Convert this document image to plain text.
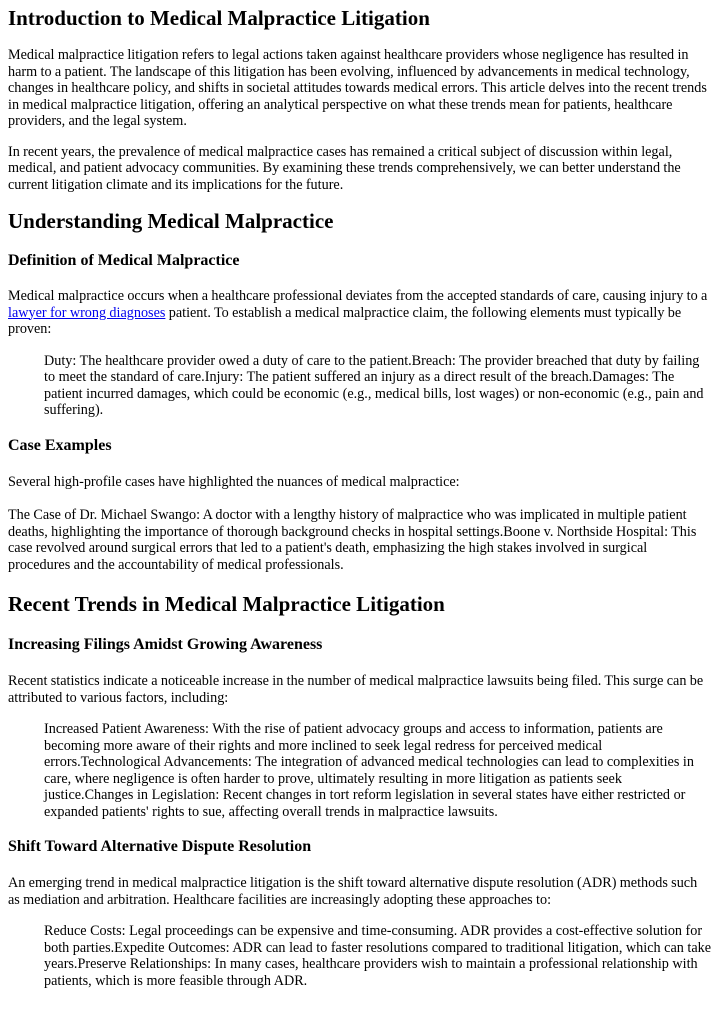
Introduction to Medical Malpractice Litigation

Medical malpractice litigation refers to legal actions taken against healthcare providers whose negligence has resulted in harm to a patient. The landscape of this litigation has been evolving, influenced by advancements in medical technology, changes in healthcare policy, and shifts in societal attitudes towards medical errors. This article delves into the recent trends in medical malpractice litigation, offering an analytical perspective on what these trends mean for patients, healthcare providers, and the legal system.

In recent years, the prevalence of medical malpractice cases has remained a critical subject of discussion within legal, medical, and patient advocacy communities. By examining these trends comprehensively, we can better understand the current litigation climate and its implications for the future.

Understanding Medical Malpractice
Definition of Medical Malpractice

Medical malpractice occurs when a healthcare professional deviates from the accepted standards of care, causing injury to a lawyer for wrong diagnoses patient. To establish a medical malpractice claim, the following elements must typically be proven:

Duty: The healthcare provider owed a duty of care to the patient.Breach: The provider breached that duty by failing to meet the standard of care.Injury: The patient suffered an injury as a direct result of the breach.Damages: The patient incurred damages, which could be economic (e.g., medical bills, lost wages) or non-economic (e.g., pain and suffering).
Case Examples

Several high-profile cases have highlighted the nuances of medical malpractice:

The Case of Dr. Michael Swango: A doctor with a lengthy history of malpractice who was implicated in multiple patient deaths, highlighting the importance of thorough background checks in hospital settings.Boone v. Northside Hospital: This case revolved around surgical errors that led to a patient's death, emphasizing the high stakes involved in surgical procedures and the accountability of medical professionals.

Recent Trends in Medical Malpractice Litigation
Increasing Filings Amidst Growing Awareness

Recent statistics indicate a noticeable increase in the number of medical malpractice lawsuits being filed. This surge can be attributed to various factors, including:

Increased Patient Awareness: With the rise of patient advocacy groups and access to information, patients are becoming more aware of their rights and more inclined to seek legal redress for perceived medical errors.Technological Advancements: The integration of advanced medical technologies can lead to complexities in care, where negligence is often harder to prove, ultimately resulting in more litigation as patients seek justice.Changes in Legislation: Recent changes in tort reform legislation in several states have either restricted or expanded patients' rights to sue, affecting overall trends in malpractice lawsuits.
Shift Toward Alternative Dispute Resolution

An emerging trend in medical malpractice litigation is the shift toward alternative dispute resolution (ADR) methods such as mediation and arbitration. Healthcare facilities are increasingly adopting these approaches to:

Reduce Costs: Legal proceedings can be expensive and time-consuming. ADR provides a cost-effective solution for both parties.Expedite Outcomes: ADR can lead to faster resolutions compared to traditional litigation, which can take years.Preserve Relationships: In many cases, healthcare providers wish to maintain a professional relationship with patients, which is more feasible through ADR.
